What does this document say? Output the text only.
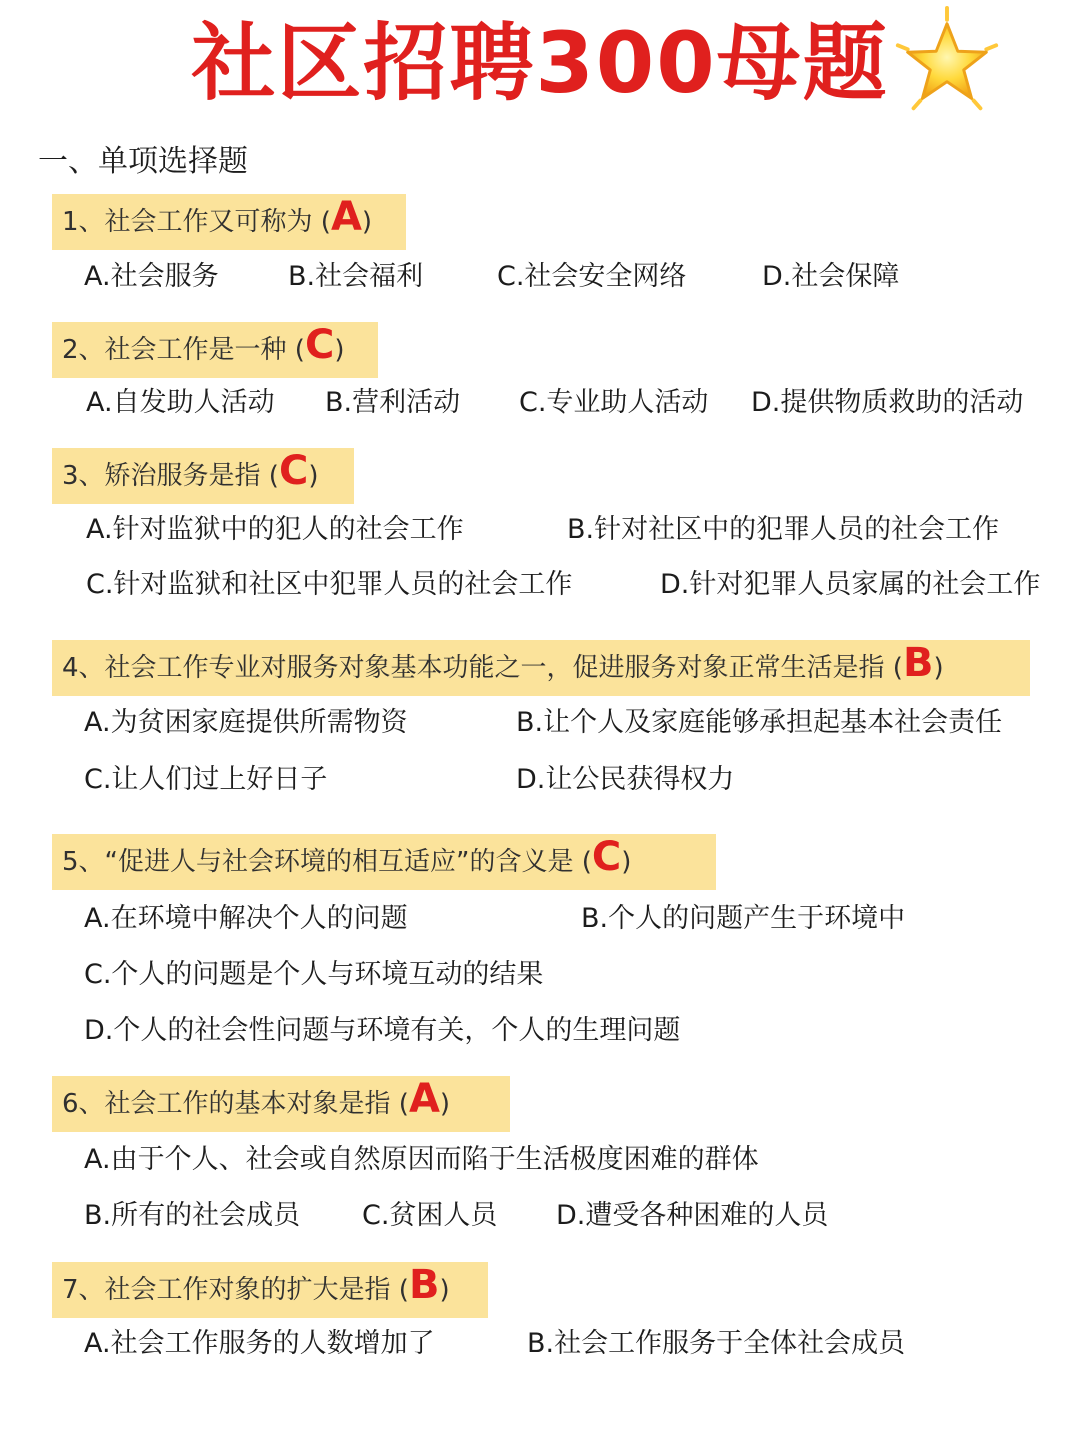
社区招聘300母题
一、单项选择题
1、社会工作又可称为 (A)
A.社会服务	B.社会福利	C.社会安全网络	D.社会保障
2、社会工作是一种 (C)
A.自发助人活动 B.营利活动 C.专业助人活动 D.提供物质救助的活动
3、矫治服务是指 (C)
A.针对监狱中的犯人的社会工作	B.针对社区中的犯罪人员的社会工作
C.针对监狱和社区中犯罪人员的社会工作	D.针对犯罪人员家属的社会工作
4、社会工作专业对服务对象基本功能之一，促进服务对象正常生活是指 (B)
A.为贫困家庭提供所需物资	B.让个人及家庭能够承担起基本社会责任
C.让人们过上好日子	D.让公民获得权力
5、“促进人与社会环境的相互适应”的含义是 (C)
A.在环境中解决个人的问题	B.个人的问题产生于环境中
C.个人的问题是个人与环境互动的结果
D.个人的社会性问题与环境有关，个人的生理问题
6、社会工作的基本对象是指 (A)
A.由于个人、社会或自然原因而陷于生活极度困难的群体
B.所有的社会成员 C.贫困人员 D.遭受各种困难的人员
7、社会工作对象的扩大是指 (B)
A.社会工作服务的人数增加了	B.社会工作服务于全体社会成员
